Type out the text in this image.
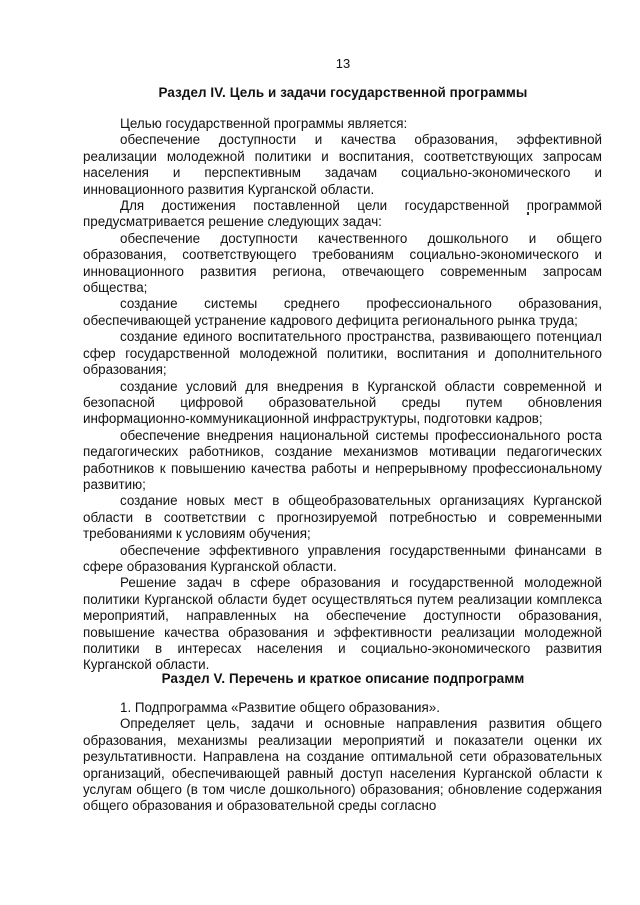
13
Раздел IV. Цель и задачи государственной программы

Целью государственной программы является:

обеспечение доступности и качества образования, эффективной реализации молодежной политики и воспитания, соответствующих запросам населения и перспективным задачам социально-экономического и инновационного развития Курганской области.

Для достижения поставленной цели государственной программой предусматривается решение следующих задач:

обеспечение доступности качественного дошкольного и общего образования, соответствующего требованиям социально-экономического и инновационного развития региона, отвечающего современным запросам общества;

создание системы среднего профессионального образования, обеспечивающей устранение кадрового дефицита регионального рынка труда;

создание единого воспитательного пространства, развивающего потенциал сфер государственной молодежной политики, воспитания и дополнительного образования;

создание условий для внедрения в Курганской области современной и безопасной цифровой образовательной среды путем обновления информационно-коммуникационной инфраструктуры, подготовки кадров;

обеспечение внедрения национальной системы профессионального роста педагогических работников, создание механизмов мотивации педагогических работников к повышению качества работы и непрерывному профессиональному развитию;

создание новых мест в общеобразовательных организациях Курганской области в соответствии с прогнозируемой потребностью и современными требованиями к условиям обучения;

обеспечение эффективного управления государственными финансами в сфере образования Курганской области.

Решение задач в сфере образования и государственной молодежной политики Курганской области будет осуществляться путем реализации комплекса мероприятий, направленных на обеспечение доступности образования, повышение качества образования и эффективности реализации молодежной политики в интересах населения и социально-экономического развития Курганской области.

Раздел V. Перечень и краткое описание подпрограмм

1. Подпрограмма «Развитие общего образования».

Определяет цель, задачи и основные направления развития общего образования, механизмы реализации мероприятий и показатели оценки их результативности. Направлена на создание оптимальной сети образовательных организаций, обеспечивающей равный доступ населения Курганской области к услугам общего (в том числе дошкольного) образования; обновление содержания общего образования и образовательной среды согласно
